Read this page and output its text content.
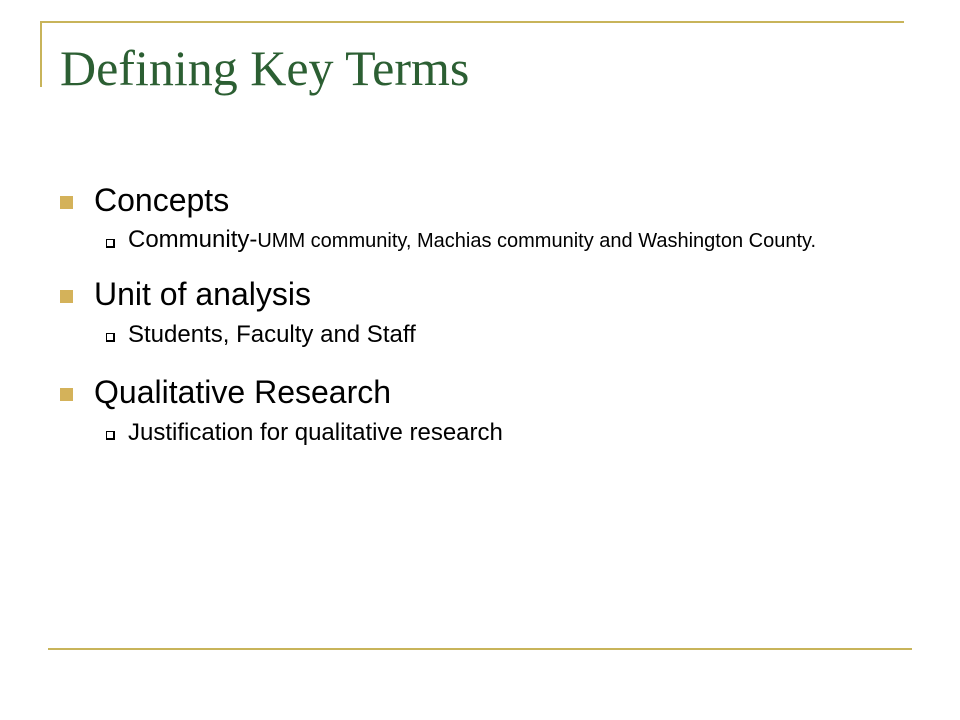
Defining Key Terms
Concepts
Community-UMM community, Machias community and Washington County.
Unit of analysis
Students, Faculty and Staff
Qualitative Research
Justification for qualitative research
